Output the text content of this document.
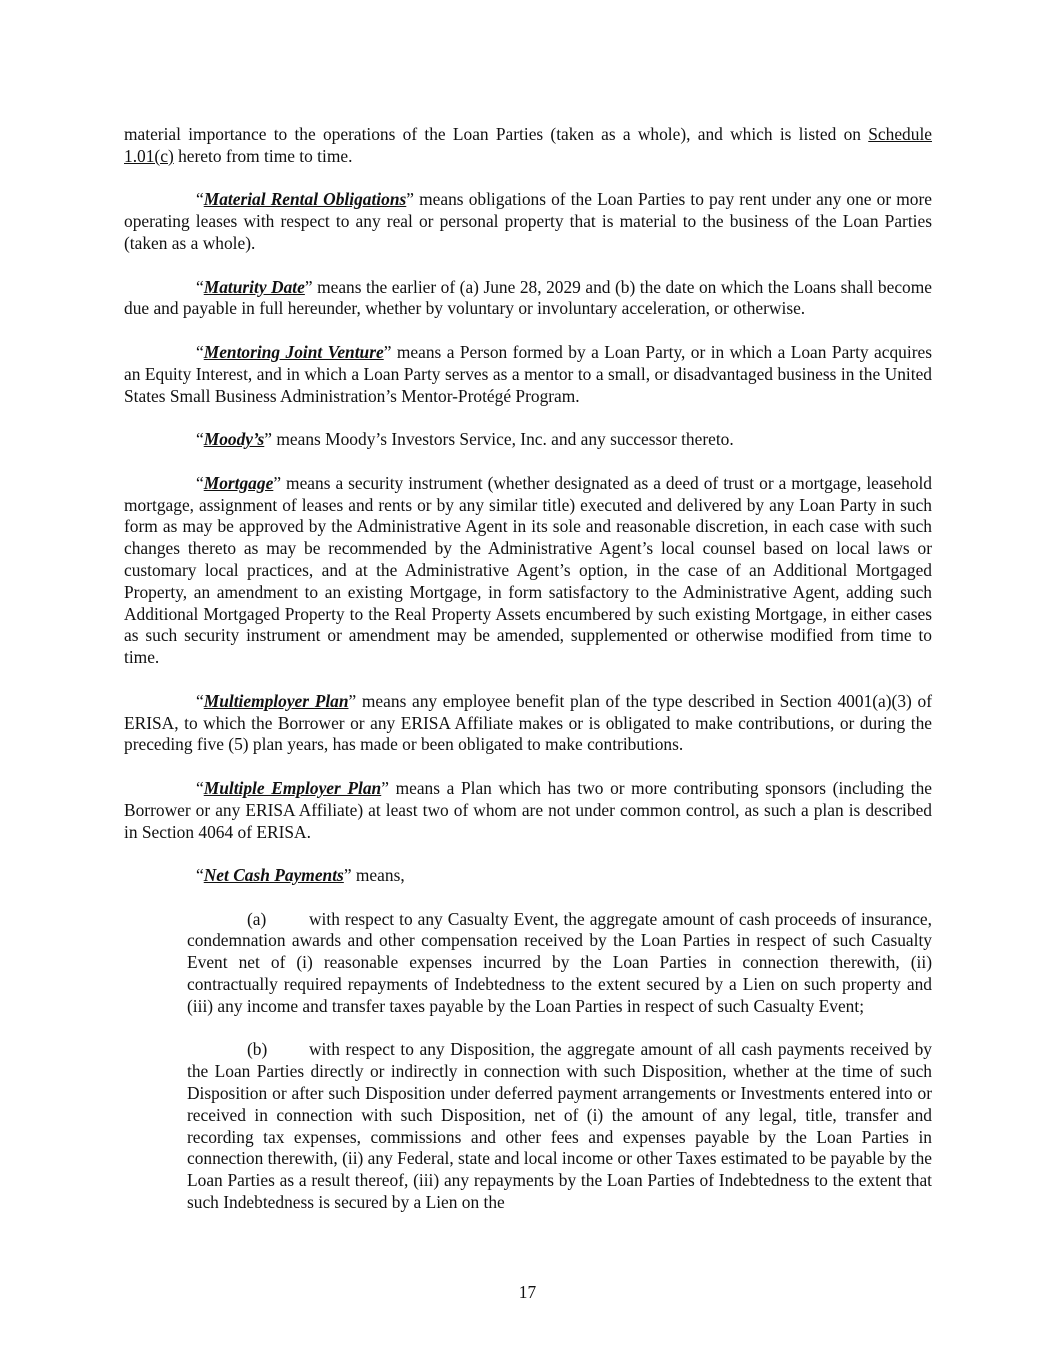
material importance to the operations of the Loan Parties (taken as a whole), and which is listed on Schedule 1.01(c) hereto from time to time.

“Material Rental Obligations” means obligations of the Loan Parties to pay rent under any one or more operating leases with respect to any real or personal property that is material to the business of the Loan Parties (taken as a whole).

“Maturity Date” means the earlier of (a) June 28, 2029 and (b) the date on which the Loans shall become due and payable in full hereunder, whether by voluntary or involuntary acceleration, or otherwise.

“Mentoring Joint Venture” means a Person formed by a Loan Party, or in which a Loan Party acquires an Equity Interest, and in which a Loan Party serves as a mentor to a small, or disadvantaged business in the United States Small Business Administration’s Mentor-Protégé Program.

“Moody’s” means Moody’s Investors Service, Inc. and any successor thereto.

“Mortgage” means a security instrument (whether designated as a deed of trust or a mortgage, leasehold mortgage, assignment of leases and rents or by any similar title) executed and delivered by any Loan Party in such form as may be approved by the Administrative Agent in its sole and reasonable discretion, in each case with such changes thereto as may be recommended by the Administrative Agent’s local counsel based on local laws or customary local practices, and at the Administrative Agent’s option, in the case of an Additional Mortgaged Property, an amendment to an existing Mortgage, in form satisfactory to the Administrative Agent, adding such Additional Mortgaged Property to the Real Property Assets encumbered by such existing Mortgage, in either cases as such security instrument or amendment may be amended, supplemented or otherwise modified from time to time.

“Multiemployer Plan” means any employee benefit plan of the type described in Section 4001(a)(3) of ERISA, to which the Borrower or any ERISA Affiliate makes or is obligated to make contributions, or during the preceding five (5) plan years, has made or been obligated to make contributions.

“Multiple Employer Plan” means a Plan which has two or more contributing sponsors (including the Borrower or any ERISA Affiliate) at least two of whom are not under common control, as such a plan is described in Section 4064 of ERISA.

“Net Cash Payments” means,

(a) with respect to any Casualty Event, the aggregate amount of cash proceeds of insurance, condemnation awards and other compensation received by the Loan Parties in respect of such Casualty Event net of (i) reasonable expenses incurred by the Loan Parties in connection therewith, (ii) contractually required repayments of Indebtedness to the extent secured by a Lien on such property and (iii) any income and transfer taxes payable by the Loan Parties in respect of such Casualty Event;

(b) with respect to any Disposition, the aggregate amount of all cash payments received by the Loan Parties directly or indirectly in connection with such Disposition, whether at the time of such Disposition or after such Disposition under deferred payment arrangements or Investments entered into or received in connection with such Disposition, net of (i) the amount of any legal, title, transfer and recording tax expenses, commissions and other fees and expenses payable by the Loan Parties in connection therewith, (ii) any Federal, state and local income or other Taxes estimated to be payable by the Loan Parties as a result thereof, (iii) any repayments by the Loan Parties of Indebtedness to the extent that such Indebtedness is secured by a Lien on the

17
